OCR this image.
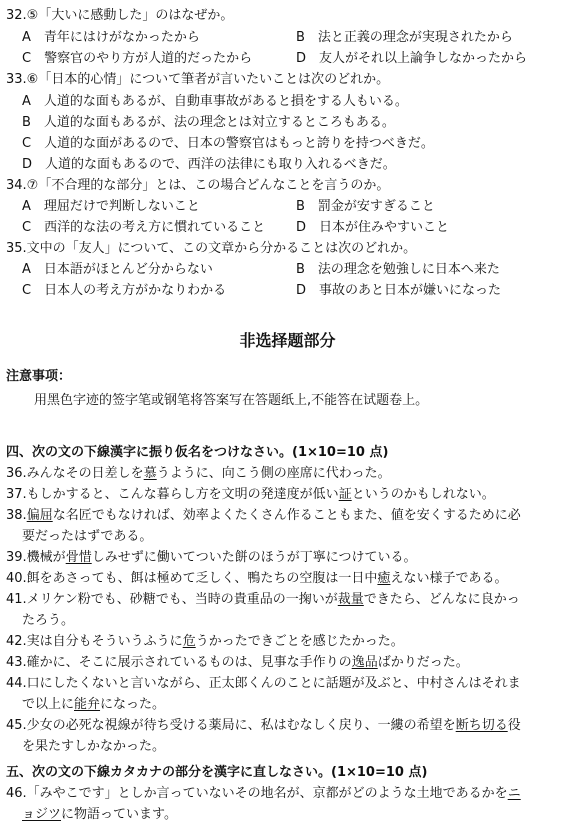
32.⑤「大いに感動した」のはなぜか。
A　青年にはけがなかったから	B　法と正義の理念が実現されたから
C　警察官のやり方が人道的だったから	D　友人がそれ以上論争しなかったから
33.⑥「日本的心情」について筆者が言いたいことは次のどれか。
A　人道的な面もあるが、自動車事故があると損をする人もいる。
B　人道的な面もあるが、法の理念とは対立するところもある。
C　人道的な面があるので、日本の警察官はもっと誇りを持つべきだ。
D　人道的な面もあるので、西洋の法律にも取り入れるべきだ。
34.⑦「不合理的な部分」とは、この場合どんなことを言うのか。
A　理屈だけで判断しないこと	B　罰金が安すぎること
C　西洋的な法の考え方に慣れていること D　日本が住みやすいこと
35.文中の「友人」について、この文章から分かることは次のどれか。
A　日本語がほとんど分からない	B　法の理念を勉強しに日本へ来た
C　日本人の考え方がかなりわかる	D　事故のあと日本が嫌いになった
非选择题部分
注意事项：
用黑色字迹的签字笔或钢笔将答案写在答题纸上,不能答在试题卷上。
四、次の文の下線漢字に振り仮名をつけなさい。(1×10=10 点)
36.みんなその日差しを慕うように、向こう側の座席に代わった。
37.もしかすると、こんな暮らし方を文明の発達度が低い証というのかもしれない。
38.偏屈な名匠でもなければ、効率よくたくさん作ることもまた、値を安くするために必
要だったはずである。
39.機械が骨惜しみせずに働いてついた餅のほうが丁寧につけている。
40.餌をあさっても、餌は極めて乏しく、鴨たちの空腹は一日中癒えない様子である。
41.メリケン粉でも、砂糖でも、当時の貴重品の一掬いが裁量できたら、どんなに良かっ
たろう。
42.実は自分もそういうふうに危うかったできごとを感じたかった。
43.確かに、そこに展示されているものは、見事な手作りの逸品ばかりだった。
44.口にしたくないと言いながら、正太郎くんのことに話題が及ぶと、中村さんはそれま
で以上に能弁になった。
45.少女の必死な視線が待ち受ける薬局に、私はむなしく戻り、一縷の希望を断ち切る役
を果たすしかなかった。
五、次の文の下線カタカナの部分を漢字に直しなさい。(1×10=10 点)
46.「みやこです」としか言っていないその地名が、京都がどのような土地であるかをニ
ョジツに物語っています。
